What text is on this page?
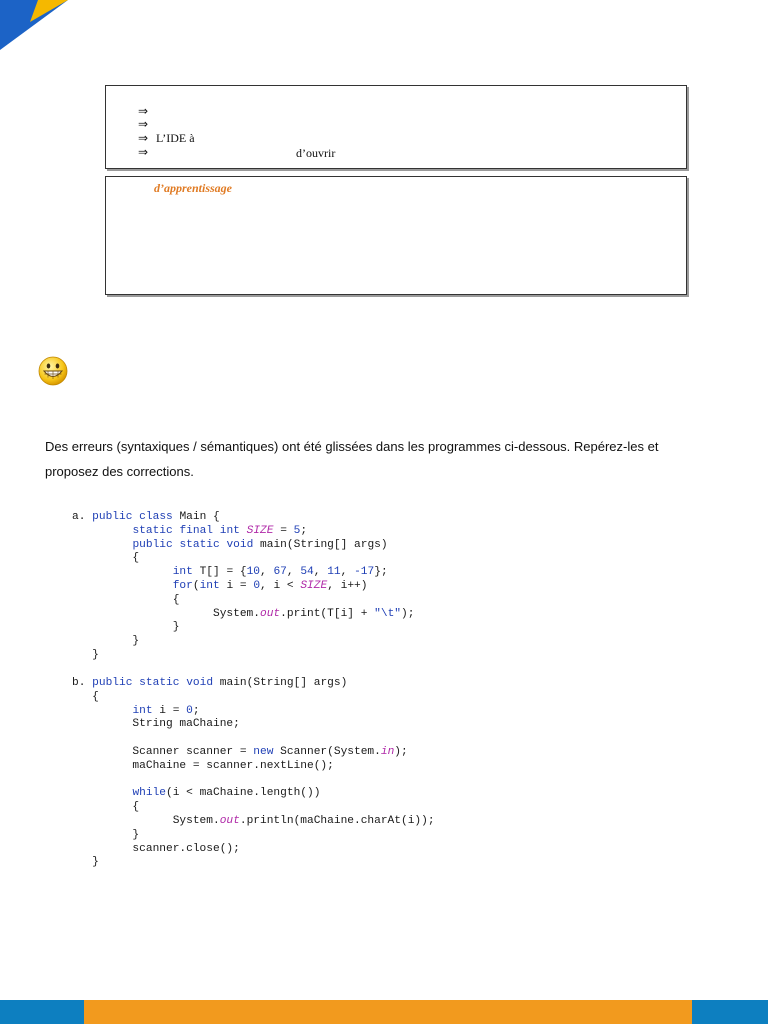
⇒
⇒
⇒ L’IDE à
⇒	d’ouvrir
d’apprentissage
Des erreurs (syntaxiques / sémantiques) ont été glissées dans les programmes ci-dessous. Repérez-les et proposez des corrections.
a. public class Main {
static final int SIZE = 5;
public static void main(String[] args)
{
int T[] = {10, 67, 54, 11, -17};
for(int i = 0, i < SIZE, i++)
{
System.out.print(T[i] + "\t");
}
}
}
b. public static void main(String[] args)
{
int i = 0;
String maChaine;

Scanner scanner = new Scanner(System.in);
maChaine = scanner.nextLine();

while(i < maChaine.length())
{
System.out.println(maChaine.charAt(i));
}
scanner.close();
}
